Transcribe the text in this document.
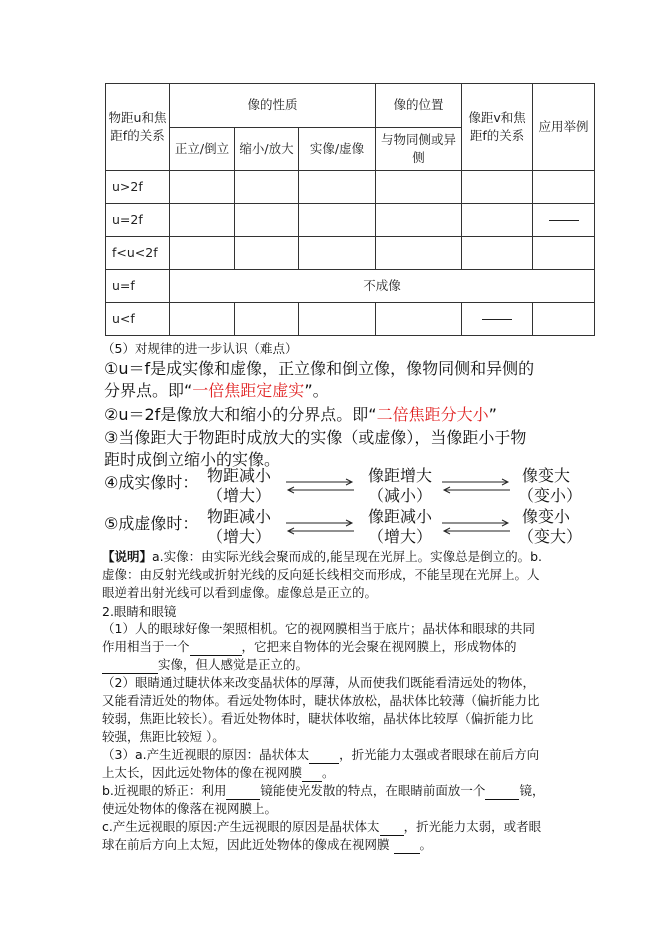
物距u和焦距f的关系	像的性质			像的位置	像距v和焦距f的关系	应用举例
	正立/倒立	缩小/放大	实像/虚像	与物同侧或异侧		
u>2f						
u=2f						
f<u<2f						
u=f	不成像					
u<f						
（5）对规律的进一步认识（难点）
①u＝f是成实像和虚像，正立像和倒立像，像物同侧和异侧的
分界点。即“一倍焦距定虚实”。
②u＝2f是像放大和缩小的分界点。即“二倍焦距分大小”
③当像距大于物距时成放大的实像（或虚像），当像距小于物
距时成倒立缩小的实像。
④成实像时： 物距减小
（增大）
像距增大
（减小）
像变大
（变小）
⑤成虚像时： 物距减小
（增大）
像距减小
（增大）
像变小
（变大）
【说明】a.实像：由实际光线会聚而成的,能呈现在光屏上。实像总是倒立的。b.
虚像：由反射光线或折射光线的反向延长线相交而形成，不能呈现在光屏上。人
眼逆着出射光线可以看到虚像。虚像总是正立的。
2.眼睛和眼镜
（1）人的眼球好像一架照相机。它的视网膜相当于底片；晶状体和眼球的共同
作用相当于一个	，它把来自物体的光会聚在视网膜上，形成物体的
实像，但人感觉是正立的。
（2）眼睛通过睫状体来改变晶状体的厚薄，从而使我们既能看清远处的物体，
又能看清近处的物体。看远处物体时，睫状体放松，晶状体比较薄（偏折能力比
较弱，焦距比较长）。看近处物体时，睫状体收缩，晶状体比较厚（偏折能力比
较强，焦距比较短 ）。
（3）a.产生近视眼的原因：晶状体太 ，折光能力太强或者眼球在前后方向
上太长，因此远处物体的像在视网膜 。
b.近视眼的矫正：利用	镜能使光发散的特点，在眼睛前面放一个	镜，
使远处物体的像落在视网膜上。
c.产生远视眼的原因:产生远视眼的原因是晶状体太 ，折光能力太弱，或者眼
球在前后方向上太短，因此近处物体的像成在视网膜 。
